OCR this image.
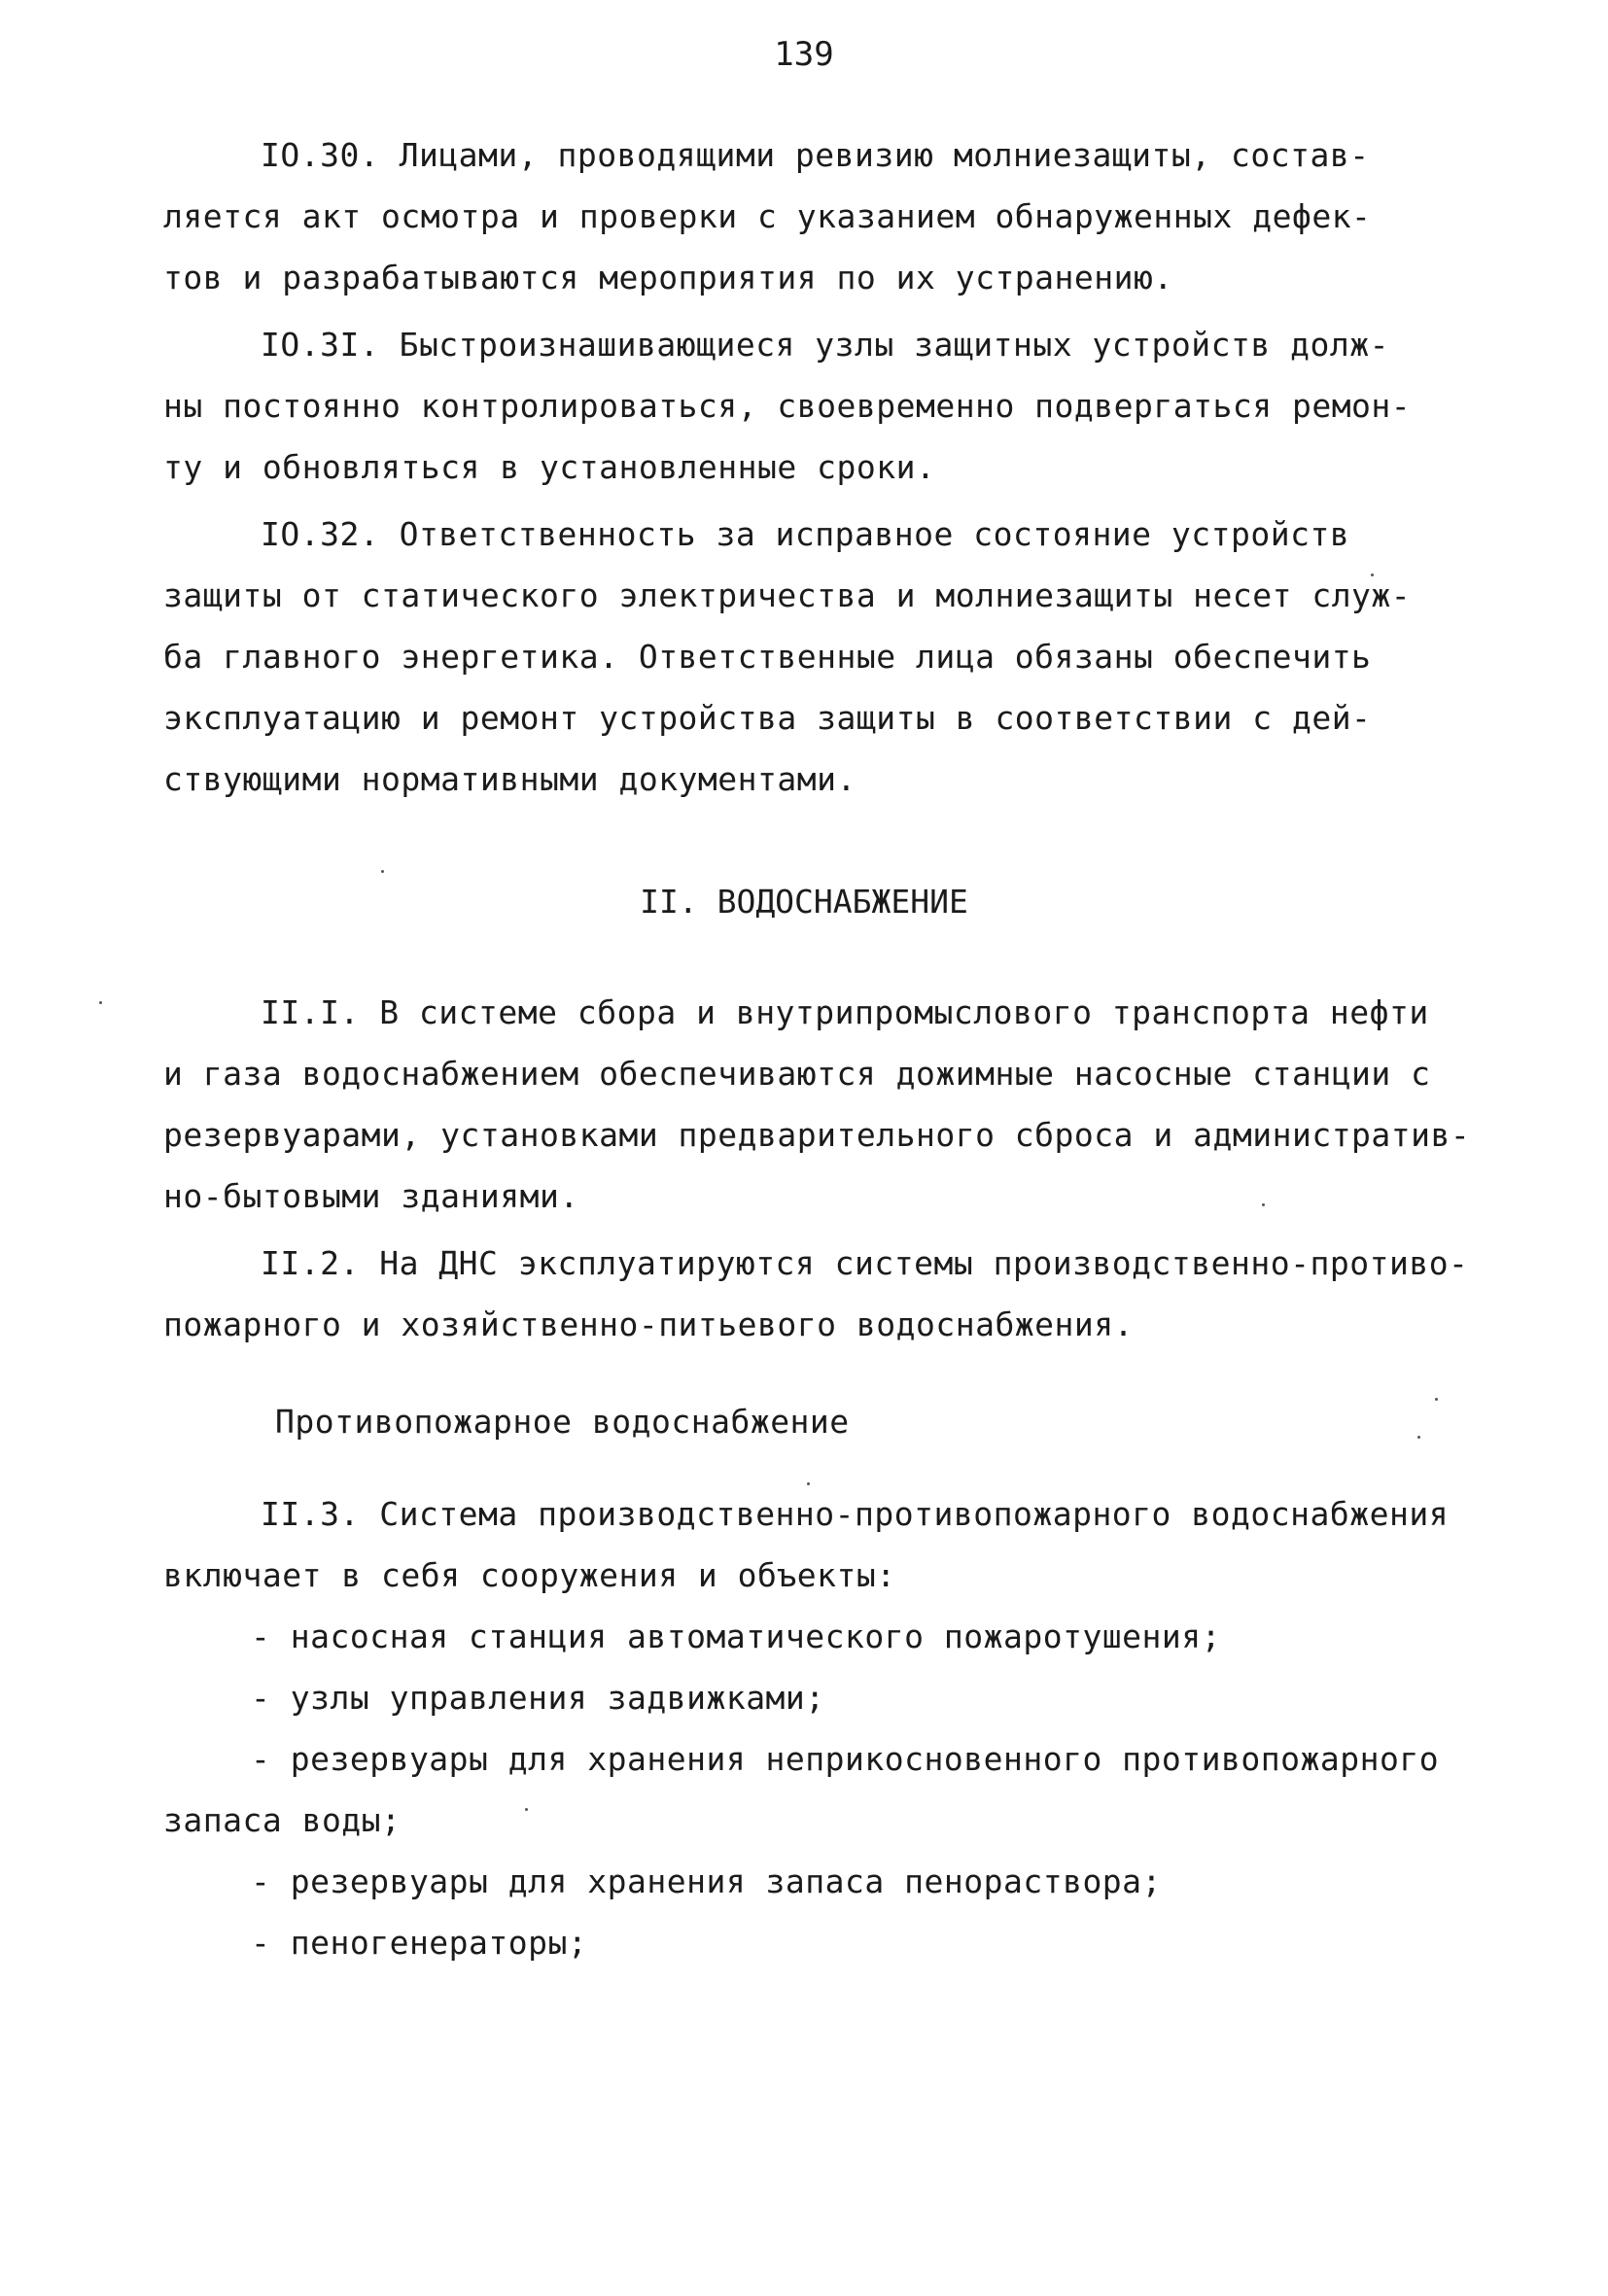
139
IO.30. Лицами, проводящими ревизию молниезащиты, состав-
ляется акт осмотра и проверки с указанием обнаруженных дефек-
тов и разрабатываются мероприятия по их устранению.
IO.3I. Быстроизнашивающиеся узлы защитных устройств долж-
ны постоянно контролироваться, своевременно подвергаться ремон-
ту и обновляться в установленные сроки.
IO.32. Ответственность за исправное состояние устройств
защиты от статического электричества и молниезащиты несет служ-
ба главного энергетика. Ответственные лица обязаны обеспечить
эксплуатацию и ремонт устройства защиты в соответствии с дей-
ствующими нормативными документами.
II. ВОДОСНАБЖЕНИЕ
II.I. В системе сбора и внутрипромыслового транспорта нефти
и газа водоснабжением обеспечиваются дожимные насосные станции с
резервуарами, установками предварительного сброса и административ-
но-бытовыми зданиями.
II.2. На ДНС эксплуатируются системы производственно-противо-
пожарного и хозяйственно-питьевого водоснабжения.
Противопожарное водоснабжение
II.3. Система производственно-противопожарного водоснабжения
включает в себя сооружения и объекты:
- насосная станция автоматического пожаротушения;
- узлы управления задвижками;
- резервуары для хранения неприкосновенного противопожарного
запаса воды;
- резервуары для хранения запаса пенораствора;
- пеногенераторы;
